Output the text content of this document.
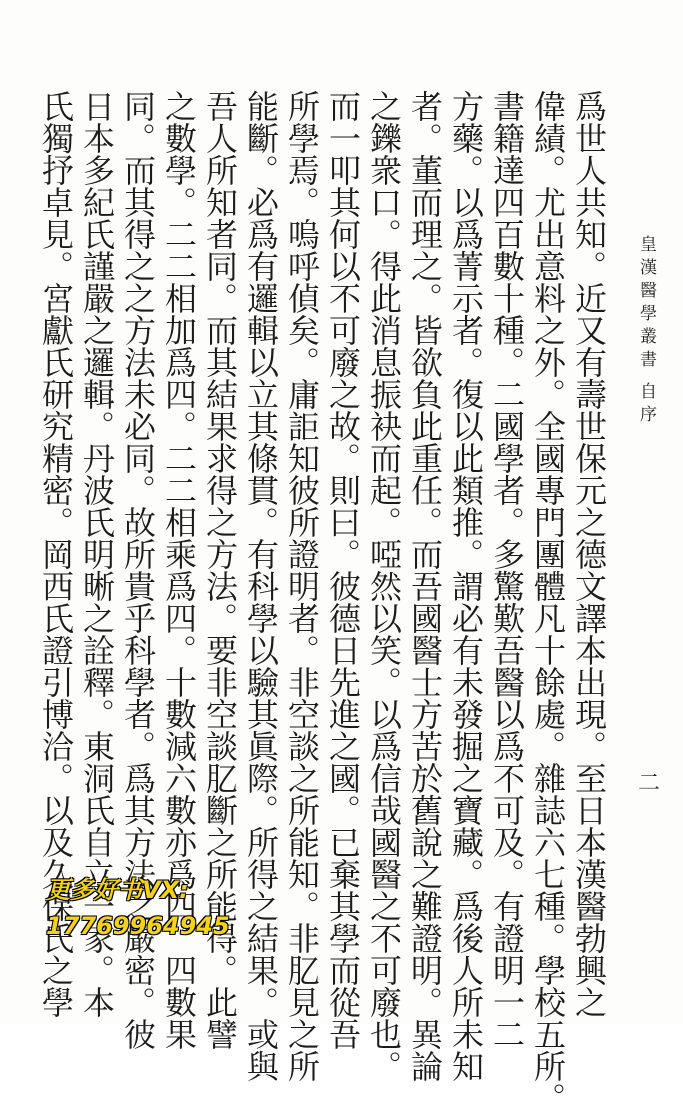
皇漢醫學叢書
自序
二
爲世人共知。近又有壽世保元之德文譯本出現。至日本漢醫勃興之
偉績。尤出意料之外。全國專門團體凡十餘處。雜誌六七種。學校五所。
書籍達四百數十種。二國學者。多驚歎吾醫以爲不可及。有證明一二
方藥。以爲菁示者。復以此類推。謂必有未發掘之寶藏。爲後人所未知
者。董而理之。皆欲負此重任。而吾國醫士方苦於舊說之難證明。異論
之鑠衆口。得此消息振袂而起。啞然以笑。以爲信哉國醫之不可廢也。
而一叩其何以不可廢之故。則曰。彼德日先進之國。已棄其學而從吾
所學焉。嗚呼偵矣。庸詎知彼所證明者。非空談之所能知。非肊見之所
能斷。必爲有邏輯以立其條貫。有科學以驗其眞際。所得之結果。或與
吾人所知者同。而其結果求得之方法。要非空談肊斷之所能得。此譬
之數學。二二相加爲四。二二相乘爲四。十數減六數亦爲四。四數果
同。而其得之之方法未必同。故所貴乎科學者。爲其方法之嚴密。彼
日本多紀氏謹嚴之邏輯。丹波氏明晰之詮釋。東洞氏自立一家。本
氏獨抒卓見。宮獻氏研究精密。岡西氏證引博洽。以及久保氏之學
更多好书VX:
17769964945
